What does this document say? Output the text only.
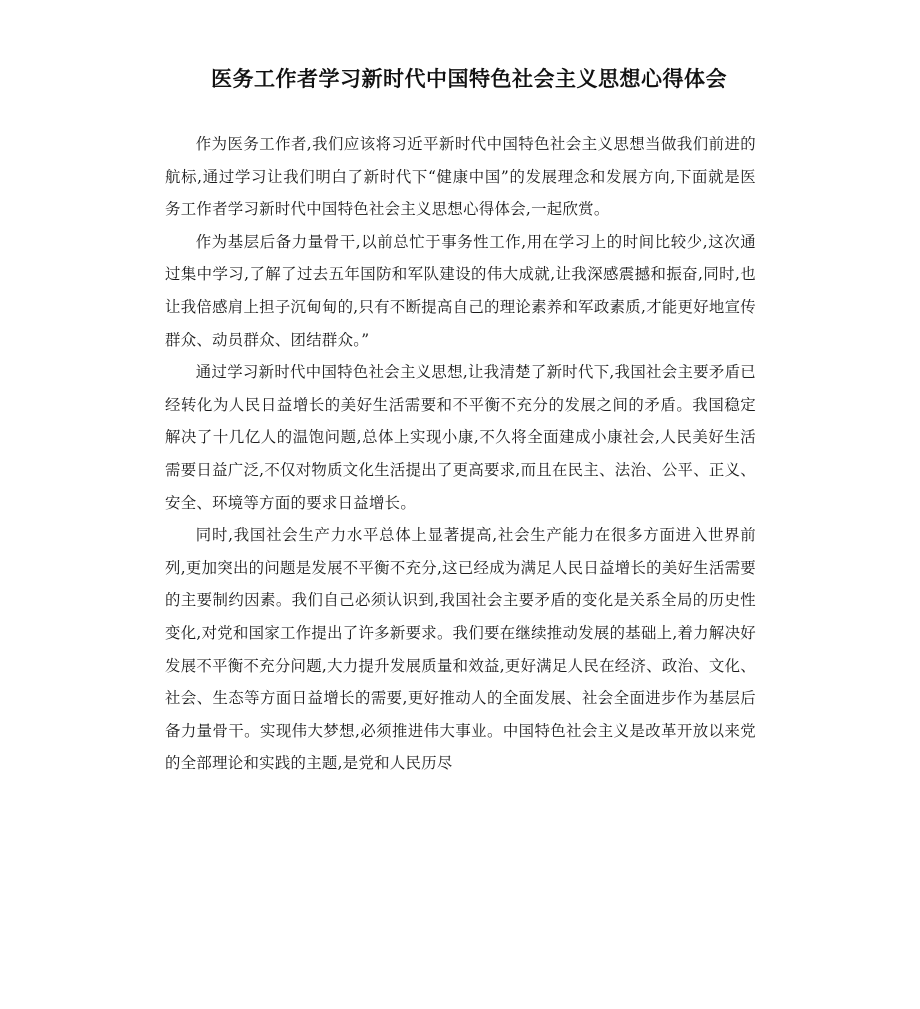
医务工作者学习新时代中国特色社会主义思想心得体会

作为医务工作者,我们应该将习近平新时代中国特色社会主义思想当做我们前进的航标,通过学习让我们明白了新时代下“健康中国”的发展理念和发展方向,下面就是医务工作者学习新时代中国特色社会主义思想心得体会,一起欣赏。

作为基层后备力量骨干,以前总忙于事务性工作,用在学习上的时间比较少,这次通过集中学习,了解了过去五年国防和军队建设的伟大成就,让我深感震撼和振奋,同时,也让我倍感肩上担子沉甸甸的,只有不断提高自己的理论素养和军政素质,才能更好地宣传群众、动员群众、团结群众。”

通过学习新时代中国特色社会主义思想,让我清楚了新时代下,我国社会主要矛盾已经转化为人民日益增长的美好生活需要和不平衡不充分的发展之间的矛盾。我国稳定解决了十几亿人的温饱问题,总体上实现小康,不久将全面建成小康社会,人民美好生活需要日益广泛,不仅对物质文化生活提出了更高要求,而且在民主、法治、公平、正义、安全、环境等方面的要求日益增长。

同时,我国社会生产力水平总体上显著提高,社会生产能力在很多方面进入世界前列,更加突出的问题是发展不平衡不充分,这已经成为满足人民日益增长的美好生活需要的主要制约因素。我们自己必须认识到,我国社会主要矛盾的变化是关系全局的历史性变化,对党和国家工作提出了许多新要求。我们要在继续推动发展的基础上,着力解决好发展不平衡不充分问题,大力提升发展质量和效益,更好满足人民在经济、政治、文化、社会、生态等方面日益增长的需要,更好推动人的全面发展、社会全面进步作为基层后备力量骨干。实现伟大梦想,必须推进伟大事业。中国特色社会主义是改革开放以来党的全部理论和实践的主题,是党和人民历尽
